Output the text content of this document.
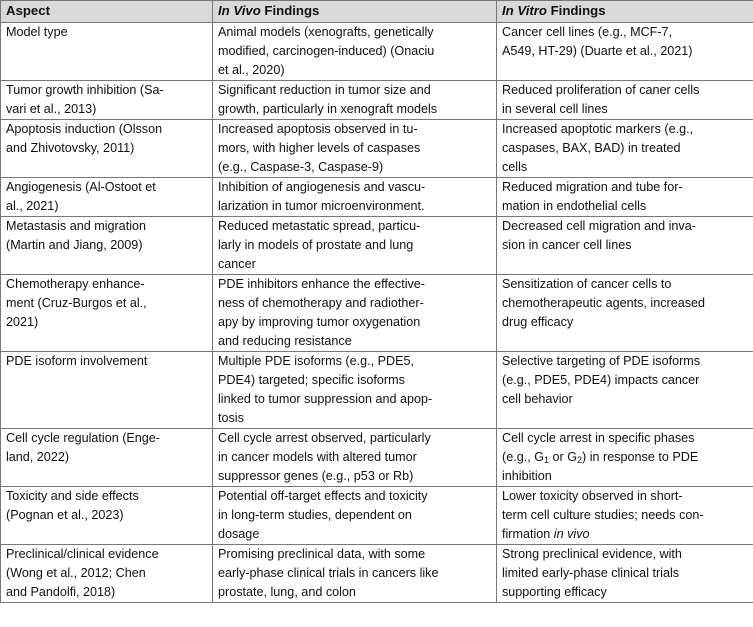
Aspect	In Vivo Findings	In Vitro Findings

Model type	Animal models (xenografts, genetically
modified, carcinogen-induced) (Onaciu
et al., 2020)	Cancer cell lines (e.g., MCF-7,
A549, HT-29) (Duarte et al., 2021)

Tumor growth inhibition (Sa-
vari et al., 2013)	Significant reduction in tumor size and
growth, particularly in xenograft models	Reduced proliferation of caner cells
in several cell lines

Apoptosis induction (Olsson
and Zhivotovsky, 2011)	Increased apoptosis observed in tu-
mors, with higher levels of caspases
(e.g., Caspase-3, Caspase-9)	Increased apoptotic markers (e.g.,
caspases, BAX, BAD) in treated
cells

Angiogenesis (Al-Ostoot et
al., 2021)	Inhibition of angiogenesis and vascu-
larization in tumor microenvironment.	Reduced migration and tube for-
mation in endothelial cells

Metastasis and migration
(Martin and Jiang, 2009)	Reduced metastatic spread, particu-
larly in models of prostate and lung
cancer	Decreased cell migration and inva-
sion in cancer cell lines

Chemotherapy enhance-
ment (Cruz-Burgos et al.,
2021)	PDE inhibitors enhance the effective-
ness of chemotherapy and radiother-
apy by improving tumor oxygenation
and reducing resistance	Sensitization of cancer cells to
chemotherapeutic agents, increased
drug efficacy

PDE isoform involvement	Multiple PDE isoforms (e.g., PDE5,
PDE4) targeted; specific isoforms
linked to tumor suppression and apop-
tosis	Selective targeting of PDE isoforms
(e.g., PDE5, PDE4) impacts cancer
cell behavior

Cell cycle regulation (Enge-
land, 2022)	Cell cycle arrest observed, particularly
in cancer models with altered tumor
suppressor genes (e.g., p53 or Rb)	Cell cycle arrest in specific phases
(e.g., $G_1$ or $G_2$) in response to PDE
inhibition

Toxicity and side effects
(Pognan et al., 2023)	Potential off-target effects and toxicity
in long-term studies, dependent on
dosage	Lower toxicity observed in short-
term cell culture studies; needs con-
firmation in vivo

Preclinical/clinical evidence
(Wong et al., 2012; Chen
and Pandolfi, 2018)	Promising preclinical data, with some
early-phase clinical trials in cancers like
prostate, lung, and colon	Strong preclinical evidence, with
limited early-phase clinical trials
supporting efficacy
